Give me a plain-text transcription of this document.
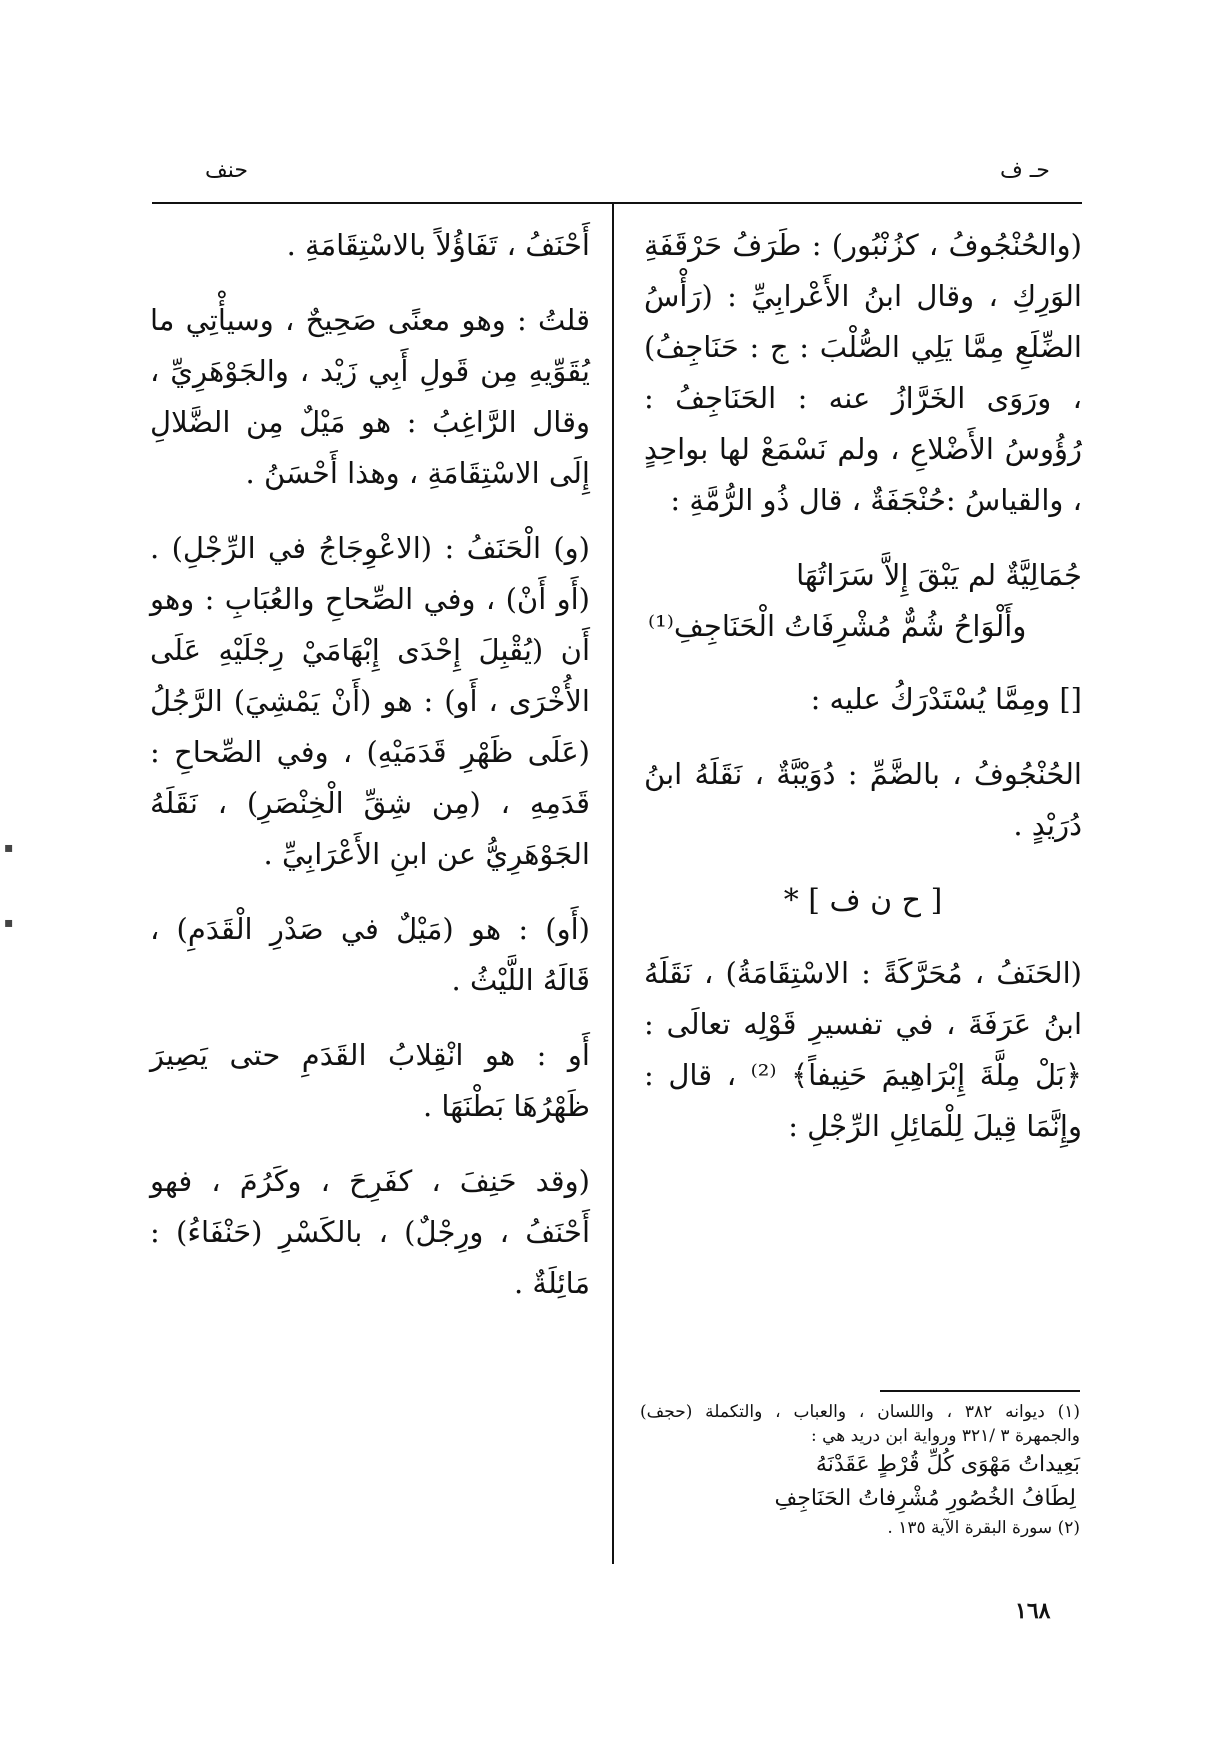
حـ ف
حنف

(والحُنْجُوفُ ، كزُنْبُور) : طَرَفُ حَرْقَفَةِ الوَرِكِ ، وقال ابنُ الأَعْرابِيِّ : (رَأْسُ الضِّلَعِ مِمَّا يَلِي الصُّلْبَ : ج : حَنَاجِفُ) ، ورَوَى الخَرَّازُ عنه : الحَنَاجِفُ : رُؤُوسُ الأَضْلاعِ ، ولم نَسْمَعْ لها بواحِدٍ ، والقياسُ :حُنْجَفَةٌ ، قال ذُو الرُّمَّةِ :

جُمَالِيَّةٌ لم يَبْقَ إِلاَّ سَرَاتُهَا
وأَلْوَاحُ شُمٌّ مُشْرِفَاتُ الْحَنَاجِفِ⁽¹⁾

[] ومِمَّا يُسْتَدْرَكُ عليه :

الحُنْجُوفُ ، بالضَّمِّ : دُوَيْبَّةٌ ، نَقَلَهُ ابنُ دُرَيْدٍ .

[ ح ن ف ] *

(الحَنَفُ ، مُحَرَّكَةً : الاسْتِقَامَةُ) ، نَقَلَهُ ابنُ عَرَفَةَ ، في تفسيرِ قَوْلِه تعالَى : ﴿بَلْ مِلَّةَ إِبْرَاهِيمَ حَنِيفاً﴾ ⁽²⁾ ، قال : وإِنَّمَا قِيلَ لِلْمَائِلِ الرِّجْلِ :

أَحْنَفُ ، تَفَاؤُلاً بالاسْتِقَامَةِ .

قلتُ : وهو معنًى صَحِيحٌ ، وسيأْتِي ما يُقَوِّيهِ مِن قَولِ أَبِي زَيْد ، والجَوْهَرِيِّ ، وقال الرَّاغِبُ : هو مَيْلٌ مِن الضَّلالِ إِلَى الاسْتِقَامَةِ ، وهذا أَحْسَنُ .

(و) الْحَنَفُ : (الاعْوِجَاجُ في الرِّجْلِ) . (أَو أَنْ) ، وفي الصِّحاحِ والعُبَابِ : وهو أَن (يُقْبِلَ إِحْدَى إِبْهَامَيْ رِجْلَيْهِ عَلَى الأُخْرَى ، أَو) : هو (أَنْ يَمْشِيَ) الرَّجُلُ (عَلَى ظَهْرِ قَدَمَيْهِ) ، وفي الصِّحاحِ : قَدَمِهِ ، (مِن شِقِّ الْخِنْصَرِ) ، نَقَلَهُ الجَوْهَرِيُّ عن ابنِ الأَعْرَابِيِّ .

(أَو) : هو (مَيْلٌ في صَدْرِ الْقَدَمِ) ، قَالَهُ اللَّيْثُ .

أَو : هو انْقِلابُ القَدَمِ حتى يَصِيرَ ظَهْرُهَا بَطْنَهَا .

(وقد حَنِفَ ، كفَرِحَ ، وكَرُمَ ، فهو أَحْنَفُ ، ورِجْلٌ) ، بالكَسْرِ (حَنْفَاءُ) : مَائِلَةٌ .

(١) ديوانه ٣٨٢ ، واللسان ، والعباب ، والتكملة (حجف) والجمهرة ٣ /٣٢١ ورواية ابن دريد هي :
بَعِيداتُ مَهْوَى كُلِّ قُرْطٍ عَقَدْنَهُ
لِطَافُ الخُصُورِ مُشْرِفاتُ الحَنَاجِفِ
(٢) سورة البقرة الآية ١٣٥ .
١٦٨
▪
▪
